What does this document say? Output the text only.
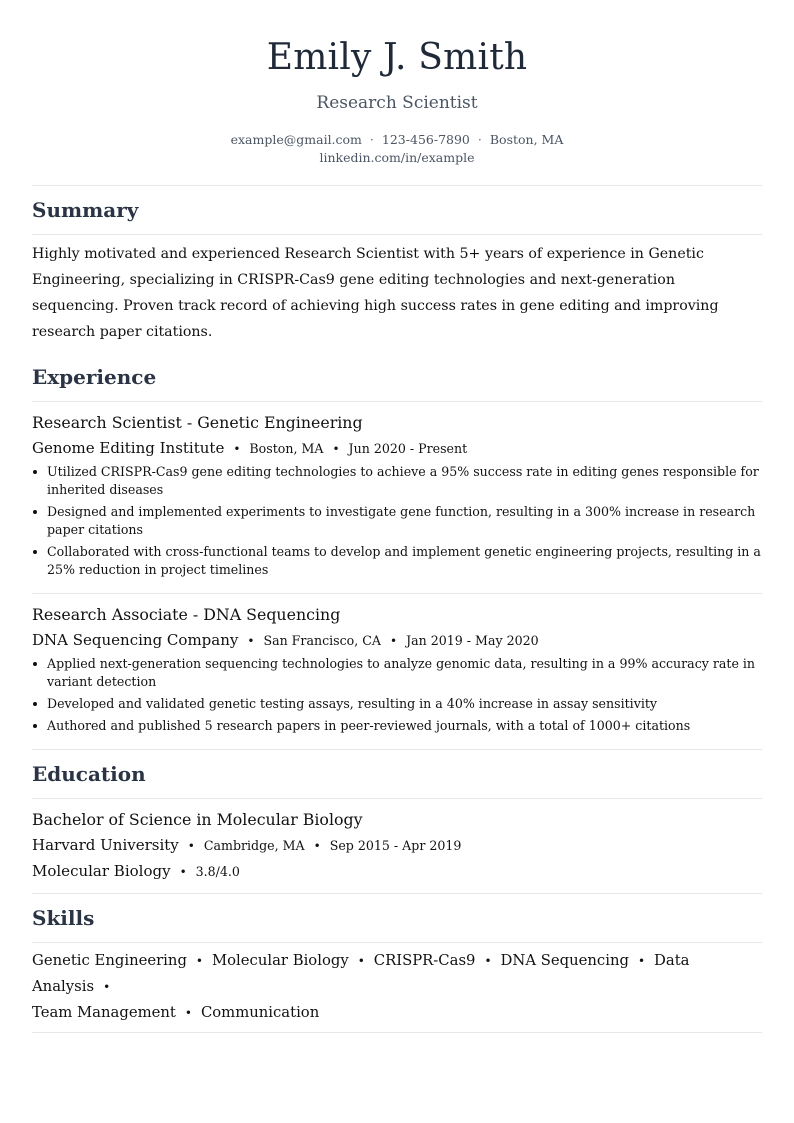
Emily J. Smith
Research Scientist
example@gmail.com · 123-456-7890 · Boston, MA
linkedin.com/in/example
Summary

Highly motivated and experienced Research Scientist with 5+ years of experience in Genetic Engineering, specializing in CRISPR-Cas9 gene editing technologies and next-generation sequencing. Proven track record of achieving high success rates in gene editing and improving research paper citations.

Experience
Research Scientist - Genetic Engineering
Genome Editing Institute • Boston, MA • Jun 2020 - Present
Utilized CRISPR-Cas9 gene editing technologies to achieve a 95% success rate in editing genes responsible for inherited diseases
Designed and implemented experiments to investigate gene function, resulting in a 300% increase in research paper citations
Collaborated with cross-functional teams to develop and implement genetic engineering projects, resulting in a 25% reduction in project timelines
Research Associate - DNA Sequencing
DNA Sequencing Company • San Francisco, CA • Jan 2019 - May 2020
Applied next-generation sequencing technologies to analyze genomic data, resulting in a 99% accuracy rate in variant detection
Developed and validated genetic testing assays, resulting in a 40% increase in assay sensitivity
Authored and published 5 research papers in peer-reviewed journals, with a total of 1000+ citations
Education
Bachelor of Science in Molecular Biology
Harvard University • Cambridge, MA • Sep 2015 - Apr 2019
Molecular Biology • 3.8/4.0
Skills
Genetic Engineering • Molecular Biology • CRISPR-Cas9 • DNA Sequencing • Data Analysis •
Team Management • Communication
